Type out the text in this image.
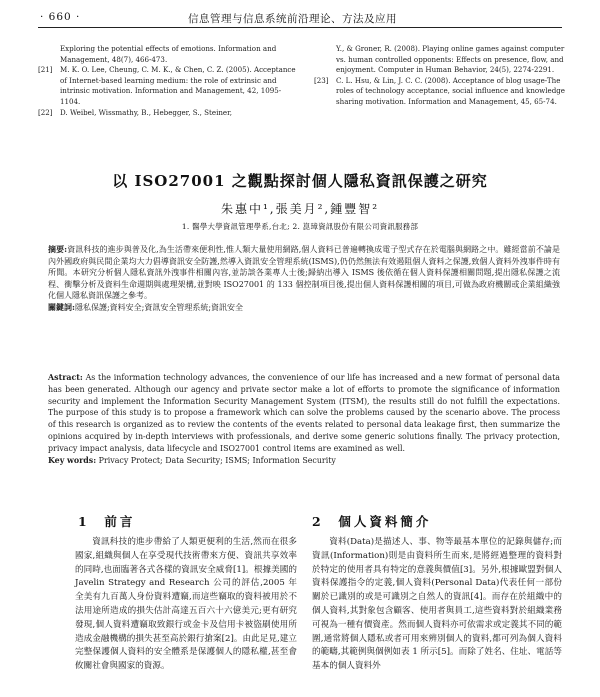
· 660 ·	信息管理与信息系统前沿理论、方法及应用
Exploring the potential effects of emotions. Information and Management, 48(7), 466-473.
[21]	M. K. O. Lee, Cheung, C. M. K., & Chen, C. Z. (2005). Acceptance of Internet-based learning medium: the role of extrinsic and intrinsic motivation. Information and Management, 42, 1095-1104.
[22]	D. Weibel, Wissmathy, B., Hebegger, S., Steiner,
Y., & Groner, R. (2008). Playing online games against computer vs. human controlled opponents: Effects on presence, flow, and enjoyment. Computer in Human Behavior, 24(5), 2274-2291.
[23]	C. L. Hsu, & Lin, J. C. C. (2008). Acceptance of blog usage-The roles of technology acceptance, social influence and knowledge sharing motivation. Information and Management, 45, 65-74.
以 ISO27001 之觀點探討個人隱私資訊保護之研究
朱惠中¹,張美月²,鍾豐智²
1. 醫學大學資訊管理學系,台北; 2. 崑璋資訊股份有限公司資訊服務部
摘要:資訊科技的進步與普及化,為生活帶來便利性,惟人類大量使用網路,個人資料已普遍轉換成電子型式存在於電腦與網路之中。雖經當前不論是內外國政府與民間企業均大力倡導資訊安全防護,然導入資訊安全管理系統(ISMS),仍仍然無法有效遏阻個人資料之保護,致個人資料外洩事件時有所聞。本研究分析個人隱私資訊外洩事件相關內容,並訪談各業專人士後;歸納出導入 ISMS 後依循在個人資料保護相關問題,提出隱私保護之流程、衝擊分析及資料生命週期與處理架構,並對映 ISO27001 的 133 個控制項目後,提出個人資料保護相關的項目,可做為政府機關或企業組織強化個人隱私資訊保護之參考。
關鍵詞:隱私保護;資料安全;資訊安全管理系統;資訊安全
Astract: As the information technology advances, the convenience of our life has increased and a new format of personal data has been generated. Although our agency and private sector make a lot of efforts to promote the significance of information security and implement the Information Security Management System (ITSM), the results still do not fulfill the expectations. The purpose of this study is to propose a framework which can solve the problems caused by the scenario above. The process of this research is organized as to review the contents of the events related to personal data leakage first, then summarize the opinions acquired by in-depth interviews with professionals, and derive some generic solutions finally. The privacy protection, privacy impact analysis, data lifecycle and ISO27001 control items are examined as well.
Key words: Privacy Protect; Data Security; ISMS; Information Security
1 前言	2 個人資料簡介

資訊科技的進步帶給了人類更便利的生活,然而在很多國家,組織與個人在享受現代技術帶來方便、資訊共享效率的同時,也面臨著各式各樣的資訊安全威脅[1]。根據美國的 Javelin Strategy and Research 公司的評估,2005 年全美有九百萬人身份資料遭竊,而這些竊取的資料被用於不法用途所造成的損失估計高達五百六十六億美元;更有研究發現,個人資料遭竊取致銀行或金卡及信用卡被盜刷使用所造成金融機構的損失甚至高於銀行搶案[2]。由此足見,建立完整保護個人資料的安全體系是保護個人的隱私權,甚至會攸關社會與國家的資源。

資料(Data)是描述人、事、物等最基本單位的記錄與儲存;而資訊(Information)則是由資料所生而來,是將經過整理的資料對於特定的使用者具有特定的意義與價值[3]。另外,根據歐盟對個人資料保護指令的定義,個人資料(Personal Data)代表任何一部份關於已識別的或是可識別之自然人的資訊[4]。而存在於組織中的個人資料,其對象包含顧客、使用者與員工,這些資料對於組織業務可視為一種有價資產。然而個人資料亦可依需求或定義其不同的範圍,通常將個人隱私或者可用來辨別個人的資料,都可列為個人資料的範疇,其範例與個例如表 1 所示[5]。而除了姓名、住址、電話等基本的個人資料外
